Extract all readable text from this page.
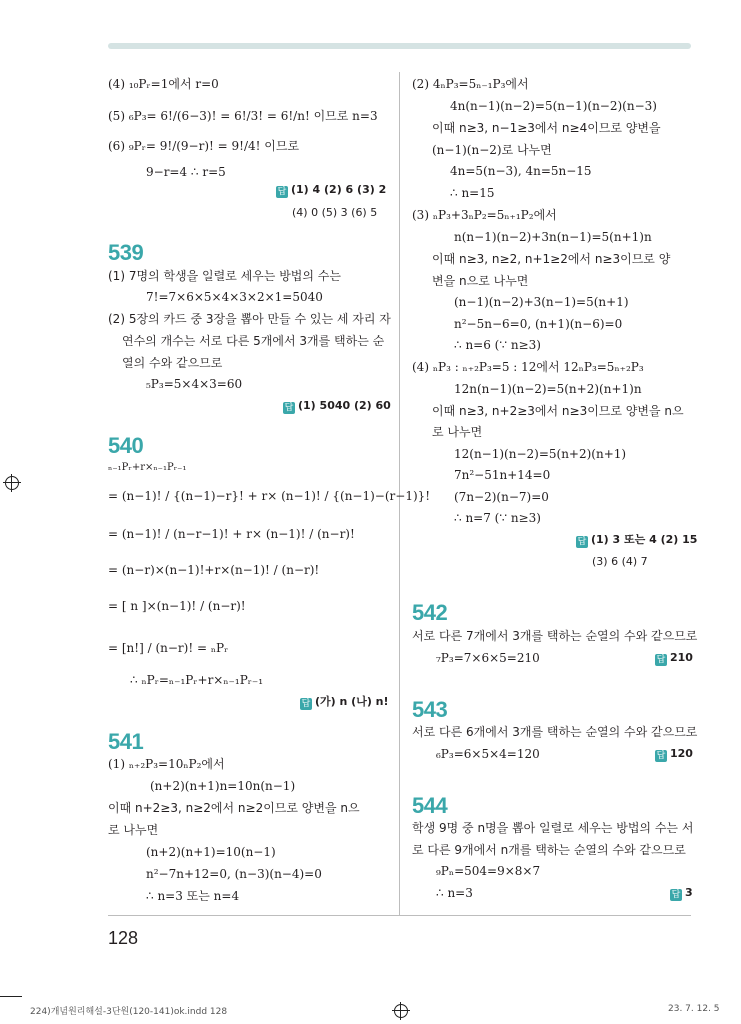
(4) ₁₀Pᵣ=1에서 r=0
(5) ₆P₃= 6!/(6−3)! = 6!/3! = 6!/n! 이므로 n=3
(6) ₉Pᵣ= 9!/(9−r)! = 9!/4! 이므로
9−r=4 ∴ r=5
답 (1) 4 (2) 6 (3) 2
(4) 0 (5) 3 (6) 5
539
(1) 7명의 학생을 일렬로 세우는 방법의 수는
7!=7×6×5×4×3×2×1=5040
(2) 5장의 카드 중 3장을 뽑아 만들 수 있는 세 자리 자
연수의 개수는 서로 다른 5개에서 3개를 택하는 순
열의 수와 같으므로
₅P₃=5×4×3=60
답 (1) 5040 (2) 60
540
ₙ₋₁Pᵣ+r×ₙ₋₁Pᵣ₋₁
= (n−1)! / {(n−1)−r}! + r× (n−1)! / {(n−1)−(r−1)}!
= (n−1)! / (n−r−1)! + r× (n−1)! / (n−r)!
= (n−r)×(n−1)!+r×(n−1)! / (n−r)!
= [ n ]×(n−1)! / (n−r)!
= [n!] / (n−r)! = ₙPᵣ
∴ ₙPᵣ=ₙ₋₁Pᵣ+r×ₙ₋₁Pᵣ₋₁
답 (가) n (나) n!
541
(1) ₙ₊₂P₃=10ₙP₂에서
(n+2)(n+1)n=10n(n−1)
이때 n+2≥3, n≥2에서 n≥2이므로 양변을 n으
로 나누면
(n+2)(n+1)=10(n−1)
n²−7n+12=0, (n−3)(n−4)=0
∴ n=3 또는 n=4
(2) 4ₙP₃=5ₙ₋₁P₃에서
4n(n−1)(n−2)=5(n−1)(n−2)(n−3)
이때 n≥3, n−1≥3에서 n≥4이므로 양변을
(n−1)(n−2)로 나누면
4n=5(n−3), 4n=5n−15
∴ n=15
(3) ₙP₃+3ₙP₂=5ₙ₊₁P₂에서
n(n−1)(n−2)+3n(n−1)=5(n+1)n
이때 n≥3, n≥2, n+1≥2에서 n≥3이므로 양
변을 n으로 나누면
(n−1)(n−2)+3(n−1)=5(n+1)
n²−5n−6=0, (n+1)(n−6)=0
∴ n=6 (∵ n≥3)
(4) ₙP₃ : ₙ₊₂P₃=5 : 12에서 12ₙP₃=5ₙ₊₂P₃
12n(n−1)(n−2)=5(n+2)(n+1)n
이때 n≥3, n+2≥3에서 n≥3이므로 양변을 n으
로 나누면
12(n−1)(n−2)=5(n+2)(n+1)
7n²−51n+14=0
(7n−2)(n−7)=0
∴ n=7 (∵ n≥3)
답 (1) 3 또는 4 (2) 15
(3) 6 (4) 7
542
서로 다른 7개에서 3개를 택하는 순열의 수와 같으므로
₇P₃=7×6×5=210	답 210
543
서로 다른 6개에서 3개를 택하는 순열의 수와 같으므로
₆P₃=6×5×4=120	답 120
544
학생 9명 중 n명을 뽑아 일렬로 세우는 방법의 수는 서
로 다른 9개에서 n개를 택하는 순열의 수와 같으므로
₉Pₙ=504=9×8×7
∴ n=3	답 3
128
224)개념원리해설-3단원(120-141)ok.indd 128	23. 7. 12. 5
